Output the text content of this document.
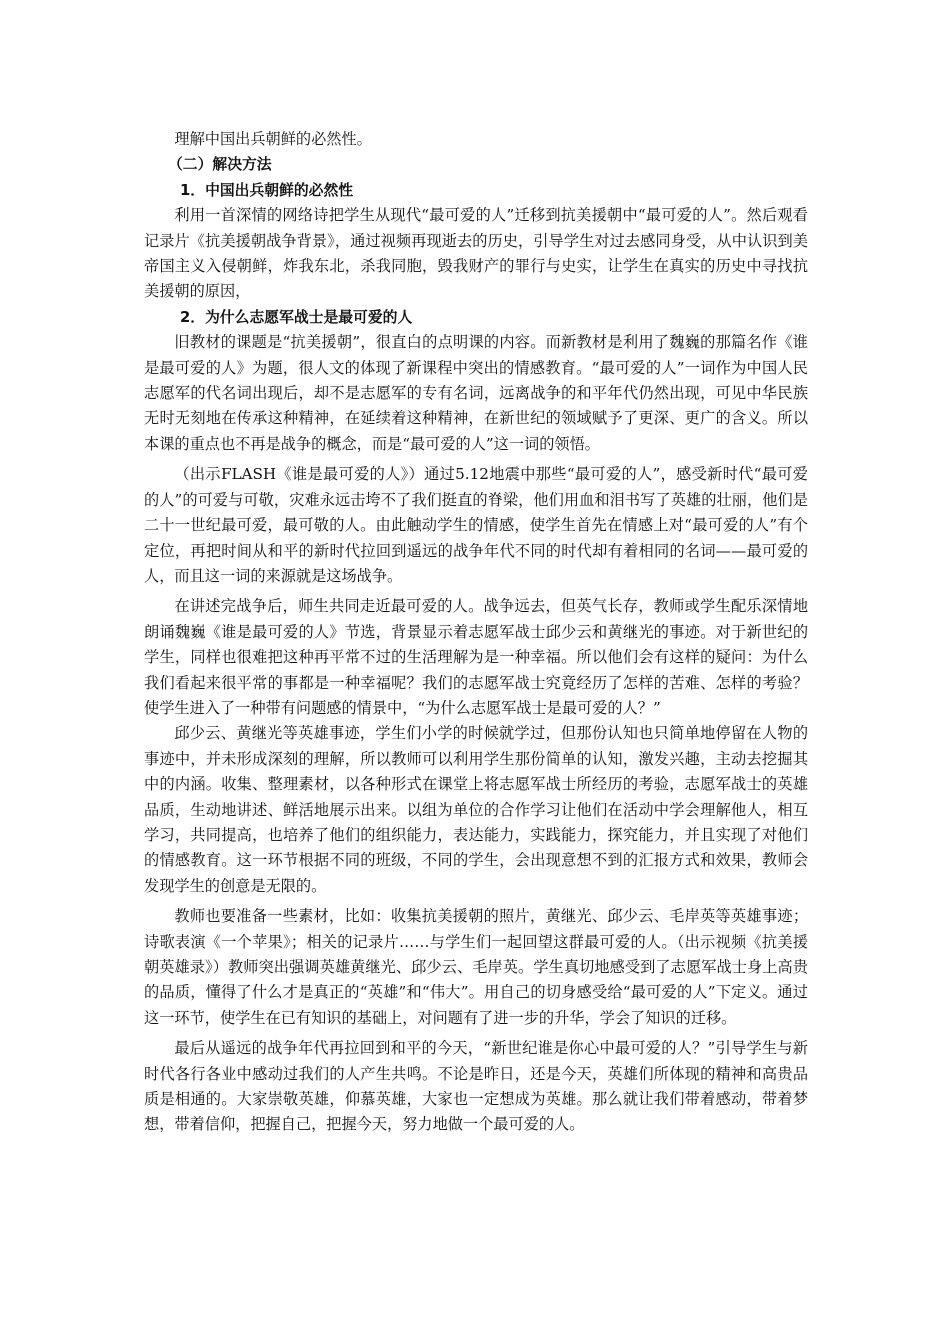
理解中国出兵朝鲜的必然性。

（二）解决方法

1．中国出兵朝鲜的必然性

利用一首深情的网络诗把学生从现代“最可爱的人”迁移到抗美援朝中“最可爱的人”。然后观看记录片《抗美援朝战争背景》，通过视频再现逝去的历史，引导学生对过去感同身受，从中认识到美帝国主义入侵朝鲜，炸我东北，杀我同胞，毁我财产的罪行与史实，让学生在真实的历史中寻找抗美援朝的原因，

2．为什么志愿军战士是最可爱的人

旧教材的课题是“抗美援朝”，很直白的点明课的内容。而新教材是利用了魏巍的那篇名作《谁是最可爱的人》为题，很人文的体现了新课程中突出的情感教育。“最可爱的人”一词作为中国人民志愿军的代名词出现后，却不是志愿军的专有名词，远离战争的和平年代仍然出现，可见中华民族无时无刻地在传承这种精神，在延续着这种精神，在新世纪的领域赋予了更深、更广的含义。所以本课的重点也不再是战争的概念，而是“最可爱的人”这一词的领悟。

（出示FLASH《谁是最可爱的人》）通过5.12地震中那些“最可爱的人”，感受新时代“最可爱的人”的可爱与可敬，灾难永远击垮不了我们挺直的脊梁，他们用血和泪书写了英雄的壮丽，他们是二十一世纪最可爱，最可敬的人。由此触动学生的情感，使学生首先在情感上对“最可爱的人”有个定位，再把时间从和平的新时代拉回到遥远的战争年代不同的时代却有着相同的名词——最可爱的人，而且这一词的来源就是这场战争。

在讲述完战争后，师生共同走近最可爱的人。战争远去，但英气长存，教师或学生配乐深情地朗诵魏巍《谁是最可爱的人》节选，背景显示着志愿军战士邱少云和黄继光的事迹。对于新世纪的学生，同样也很难把这种再平常不过的生活理解为是一种幸福。所以他们会有这样的疑问：为什么我们看起来很平常的事都是一种幸福呢？我们的志愿军战士究竟经历了怎样的苦难、怎样的考验？使学生进入了一种带有问题感的情景中，“为什么志愿军战士是最可爱的人？”

邱少云、黄继光等英雄事迹，学生们小学的时候就学过，但那份认知也只简单地停留在人物的事迹中，并未形成深刻的理解，所以教师可以利用学生那份简单的认知，激发兴趣，主动去挖掘其中的内涵。收集、整理素材，以各种形式在课堂上将志愿军战士所经历的考验，志愿军战士的英雄品质，生动地讲述、鲜活地展示出来。以组为单位的合作学习让他们在活动中学会理解他人，相互学习，共同提高，也培养了他们的组织能力，表达能力，实践能力，探究能力，并且实现了对他们的情感教育。这一环节根据不同的班级，不同的学生，会出现意想不到的汇报方式和效果，教师会发现学生的创意是无限的。

教师也要准备一些素材，比如：收集抗美援朝的照片，黄继光、邱少云、毛岸英等英雄事迹；诗歌表演《一个苹果》；相关的记录片……与学生们一起回望这群最可爱的人。（出示视频《抗美援朝英雄录》）教师突出强调英雄黄继光、邱少云、毛岸英。学生真切地感受到了志愿军战士身上高贵的品质，懂得了什么才是真正的“英雄”和“伟大”。用自己的切身感受给“最可爱的人”下定义。通过这一环节，使学生在已有知识的基础上，对问题有了进一步的升华，学会了知识的迁移。

最后从遥远的战争年代再拉回到和平的今天，“新世纪谁是你心中最可爱的人？”引导学生与新时代各行各业中感动过我们的人产生共鸣。不论是昨日，还是今天，英雄们所体现的精神和高贵品质是相通的。大家崇敬英雄，仰慕英雄，大家也一定想成为英雄。那么就让我们带着感动，带着梦想，带着信仰，把握自己，把握今天，努力地做一个最可爱的人。
